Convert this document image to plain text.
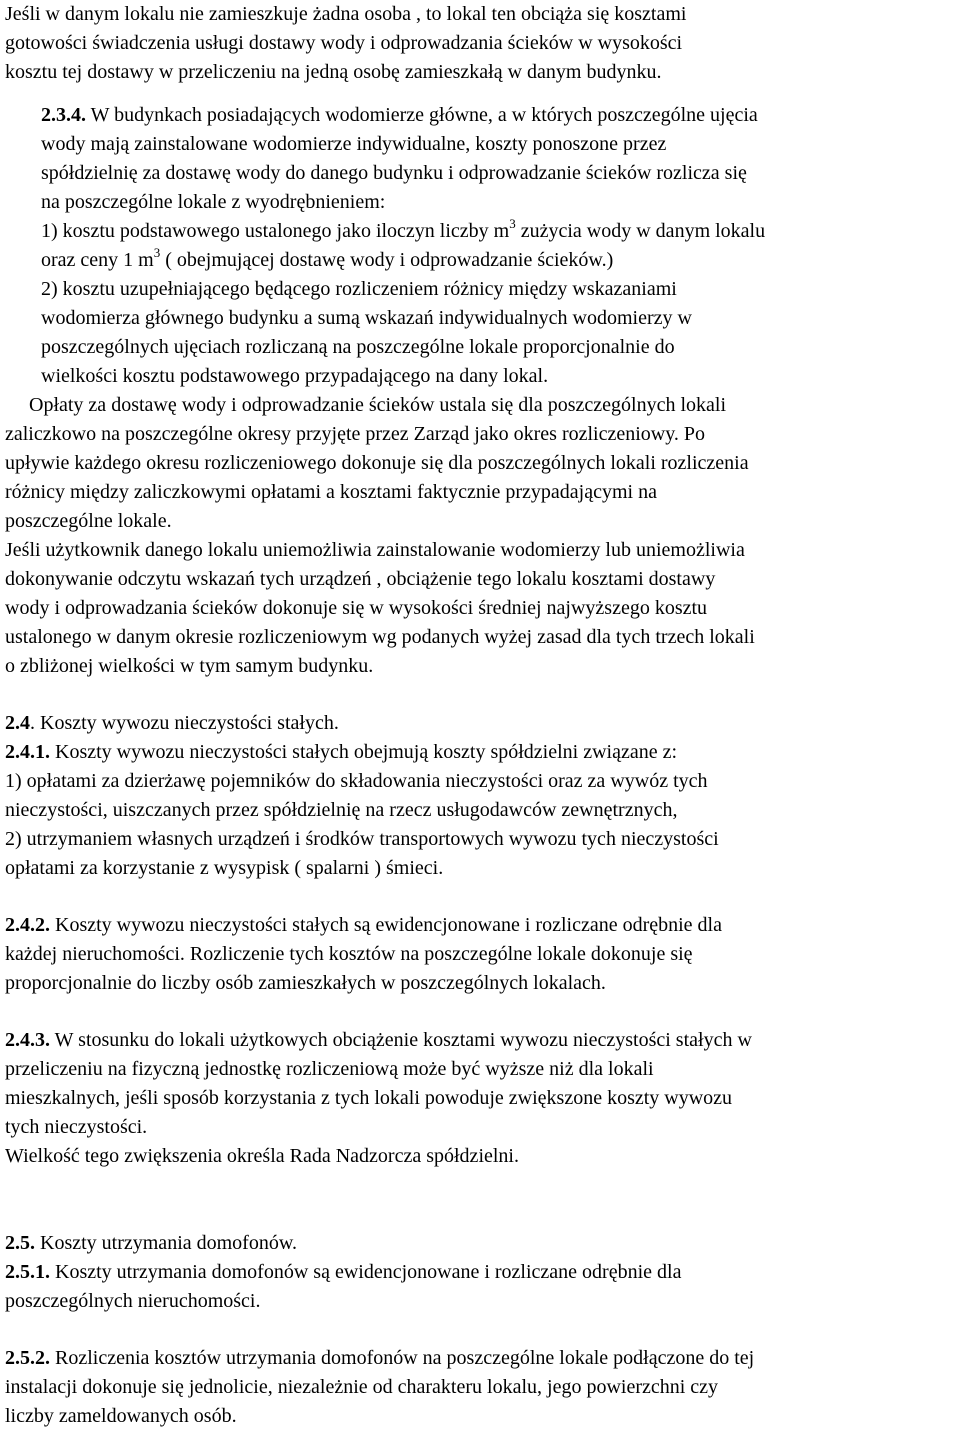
Jeśli w danym lokalu nie zamieszkuje żadna osoba , to lokal ten obciąża się kosztami
gotowości świadczenia usługi dostawy wody i odprowadzania ścieków w wysokości
kosztu tej dostawy w przeliczeniu na jedną osobę zamieszkałą w danym budynku.
2.3.4. W budynkach posiadających wodomierze główne, a w których poszczególne ujęcia
wody mają zainstalowane wodomierze indywidualne, koszty ponoszone przez
spółdzielnię za dostawę wody do danego budynku i odprowadzanie ścieków rozlicza się
na poszczególne lokale z wyodrębnieniem:
1) kosztu podstawowego ustalonego jako iloczyn liczby $m^3$ zużycia wody w danym lokalu
oraz ceny 1 $m^3$ ( obejmującej dostawę wody i odprowadzanie ścieków.)
2) kosztu uzupełniającego będącego rozliczeniem różnicy między wskazaniami
wodomierza głównego budynku a sumą wskazań indywidualnych wodomierzy w
poszczególnych ujęciach rozliczaną na poszczególne lokale proporcjonalnie do
wielkości kosztu podstawowego przypadającego na dany lokal.
Opłaty za dostawę wody i odprowadzanie ścieków ustala się dla poszczególnych lokali
zaliczkowo na poszczególne okresy przyjęte przez Zarząd jako okres rozliczeniowy. Po
upływie każdego okresu rozliczeniowego dokonuje się dla poszczególnych lokali rozliczenia
różnicy między zaliczkowymi opłatami a kosztami faktycznie przypadającymi na
poszczególne lokale.
Jeśli użytkownik danego lokalu uniemożliwia zainstalowanie wodomierzy lub uniemożliwia
dokonywanie odczytu wskazań tych urządzeń , obciążenie tego lokalu kosztami dostawy
wody i odprowadzania ścieków dokonuje się w wysokości średniej najwyższego kosztu
ustalonego w danym okresie rozliczeniowym wg podanych wyżej zasad dla tych trzech lokali
o zbliżonej wielkości w tym samym budynku.
2.4. Koszty wywozu nieczystości stałych.
2.4.1. Koszty wywozu nieczystości stałych obejmują koszty spółdzielni związane z:
1) opłatami za dzierżawę pojemników do składowania nieczystości oraz za wywóz tych
nieczystości, uiszczanych przez spółdzielnię na rzecz usługodawców zewnętrznych,
2) utrzymaniem własnych urządzeń i środków transportowych wywozu tych nieczystości
opłatami za korzystanie z wysypisk ( spalarni ) śmieci.
2.4.2. Koszty wywozu nieczystości stałych są ewidencjonowane i rozliczane odrębnie dla
każdej nieruchomości. Rozliczenie tych kosztów na poszczególne lokale dokonuje się
proporcjonalnie do liczby osób zamieszkałych w poszczególnych lokalach.
2.4.3. W stosunku do lokali użytkowych obciążenie kosztami wywozu nieczystości stałych w
przeliczeniu na fizyczną jednostkę rozliczeniową może być wyższe niż dla lokali
mieszkalnych, jeśli sposób korzystania z tych lokali powoduje zwiększone koszty wywozu
tych nieczystości.
Wielkość tego zwiększenia określa Rada Nadzorcza spółdzielni.
2.5. Koszty utrzymania domofonów.
2.5.1. Koszty utrzymania domofonów są ewidencjonowane i rozliczane odrębnie dla
poszczególnych nieruchomości.
2.5.2. Rozliczenia kosztów utrzymania domofonów na poszczególne lokale podłączone do tej
instalacji dokonuje się jednolicie, niezależnie od charakteru lokalu, jego powierzchni czy
liczby zameldowanych osób.
